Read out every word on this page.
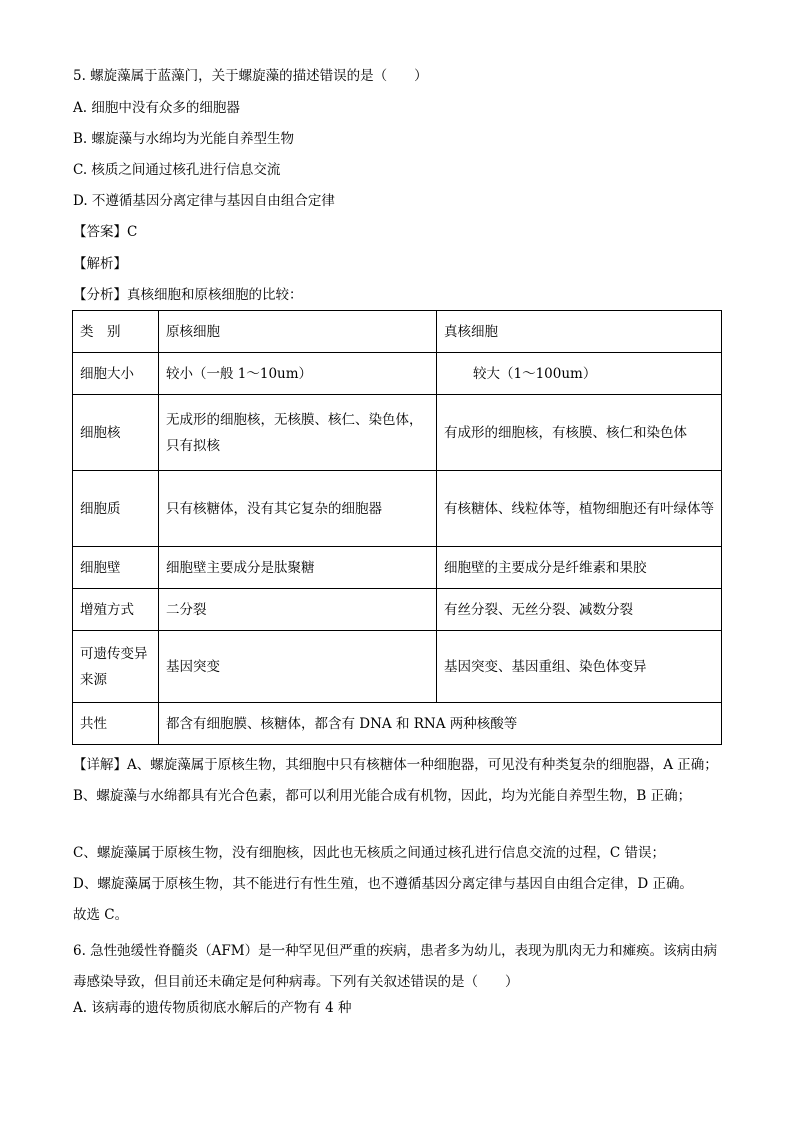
5. 螺旋藻属于蓝藻门，关于螺旋藻的描述错误的是（　　）
A. 细胞中没有众多的细胞器
B. 螺旋藻与水绵均为光能自养型生物
C. 核质之间通过核孔进行信息交流
D. 不遵循基因分离定律与基因自由组合定律
【答案】C
【解析】
【分析】真核细胞和原核细胞的比较：
类　别	原核细胞	真核细胞
细胞大小	较小（一般 1～10um）	较大（1～100um）
细胞核	无成形的细胞核，无核膜、核仁、染色体，只有拟核	有成形的细胞核，有核膜、核仁和染色体
细胞质	只有核糖体，没有其它复杂的细胞器	有核糖体、线粒体等，植物细胞还有叶绿体等
细胞壁	细胞壁主要成分是肽聚糖	细胞壁的主要成分是纤维素和果胶
增殖方式	二分裂	有丝分裂、无丝分裂、减数分裂
可遗传变异来源	基因突变	基因突变、基因重组、染色体变异
共性	都含有细胞膜、核糖体，都含有 DNA 和 RNA 两种核酸等	
【详解】A、螺旋藻属于原核生物，其细胞中只有核糖体一种细胞器，可见没有种类复杂的细胞器，A 正确；B、螺旋藻与水绵都具有光合色素，都可以利用光能合成有机物，因此，均为光能自养型生物，B 正确；
C、螺旋藻属于原核生物，没有细胞核，因此也无核质之间通过核孔进行信息交流的过程，C 错误；
D、螺旋藻属于原核生物，其不能进行有性生殖，也不遵循基因分离定律与基因自由组合定律，D 正确。
故选 C。
6. 急性弛缓性脊髓炎（AFM）是一种罕见但严重的疾病，患者多为幼儿，表现为肌肉无力和瘫痪。该病由病毒感染导致，但目前还未确定是何种病毒。下列有关叙述错误的是（　　）
A. 该病毒的遗传物质彻底水解后的产物有 4 种
